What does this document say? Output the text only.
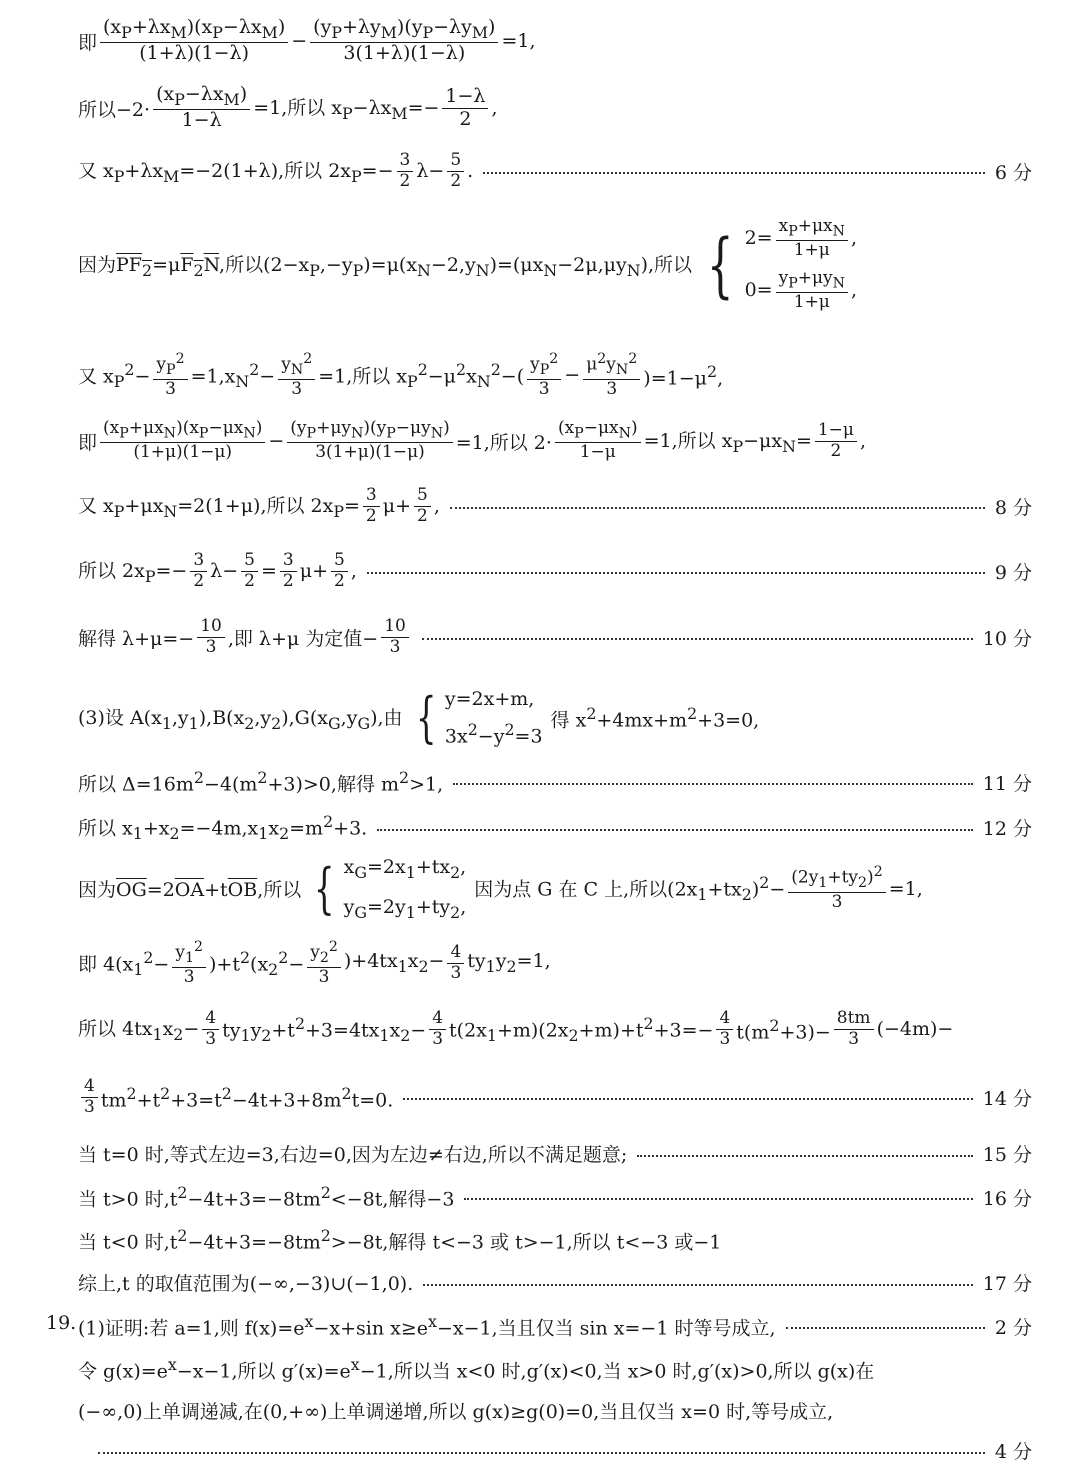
即 $\frac{(x_P+\lambda x_M)(x_P-\lambda x_M)}{(1+\lambda)(1-\lambda)} - \frac{(y_P+\lambda y_M)(y_P-\lambda y_M)}{3(1+\lambda)(1-\lambda)} =1$,
所以$-2\cdot \frac{(x_P-\lambda x_M)}{1-\lambda} =1$,所以 $x_P-\lambda x_M=- \frac{1-\lambda}{2}$ ,
又 $x_P+\lambda x_M=-2(1+\lambda)$,所以 $2x_P=- \frac{3}{2} \lambda- \frac{5}{2}$ .	6 分
因为$PF_2=\mu F_2N$,所以$(2-x_P,-y_P)=\mu(x_N-2,y_N)=(\mu x_N-2\mu,\mu y_N)$,所以 { $2= \frac{x_P+\mu x_N}{1+\mu}$ ,
$0= \frac{y_P+\mu y_N}{1+\mu}$ ,
又 $x_P^2- \frac{y_P^2}{3} =1,x_N^2- \frac{y_N^2}{3} =1$,所以 $x_P^2-\mu^2x_N^2-( \frac{y_P^2}{3} - \frac{\mu^2y_N^2}{3} )=1-\mu^2$,
即 $\frac{(x_P+\mu x_N)(x_P-\mu x_N)}{(1+\mu)(1-\mu)} - \frac{(y_P+\mu y_N)(y_P-\mu y_N)}{3(1+\mu)(1-\mu)} =1$,所以 $2\cdot \frac{(x_P-\mu x_N)}{1-\mu} =1$,所以 $x_P-\mu x_N= \frac{1-\mu}{2}$ ,
又 $x_P+\mu x_N=2(1+\mu)$,所以 $2x_P= \frac{3}{2} \mu+ \frac{5}{2}$ ,	8 分
所以 $2x_P=- \frac{3}{2} \lambda- \frac{5}{2} = \frac{3}{2} \mu+ \frac{5}{2}$ ,	9 分
解得 $\lambda+\mu=- \frac{10}{3}$ ,即 λ+μ 为定值− $\frac{10}{3}$	10 分
(3)设 $A(x_1,y_1),B(x_2,y_2),G(x_G,y_G)$,由 { y=2x+m,
$3x^2-y^2=3$
得 $x^2+4mx+m^2+3=0$,
所以 $\Delta=16m^2-4(m^2+3)>0$,解得 $m^2>1$,	11 分
所以 $x_1+x_2=-4m,x_1x_2=m^2+3$.	12 分
因为$\overline{OG}=2\overline{OA}+t\overline{OB}$,所以 { $x_G=2x_1+tx_2$,
$y_G=2y_1+ty_2$,
因为点 G 在 C 上,所以$(2x_1+tx_2)^2- \frac{(2y_1+ty_2)^2}{3} =1$,
即 $4(x_1^2- \frac{y_1^2}{3} )+t^2(x_2^2- \frac{y_2^2}{3} )+4tx_1x_2- \frac{4}{3} ty_1y_2=1$,
所以 $4tx_1x_2- \frac{4}{3} ty_1y_2+t^2+3=4tx_1x_2- \frac{4}{3} t(2x_1+m)(2x_2+m)+t^2+3=- \frac{4}{3} t(m^2+3)- \frac{8tm}{3} (-4m)-$
$\frac{4}{3} tm^2+t^2+3=t^2-4t+3+8m^2t=0$.	14 分
当 t=0 时,等式左边=3,右边=0,因为左边≠右边,所以不满足题意;	15 分
当 t>0 时$,t^2-4t+3=-8tm^2<-8t$,解得−3	16 分
当 t<0 时$,t^2-4t+3=-8tm^2>-8t$,解得 t<−3 或 t>−1,所以 t<−3 或−1
综上,t 的取值范围为(−∞,−3)∪(−1,0).	17 分
19. (1)证明:若 a=1,则 $f(x)=e^x-x+\sin$ $x\ge e^x-x-1$,当且仅当 sin x=−1 时等号成立,	2 分
令 $g(x)=e^x-x-1$,所以 $g'(x)=e^x-1$,所以当 x<0 时,g′(x)<0,当 x>0 时,g′(x)>0,所以 g(x)在
(−∞,0)上单调递减,在(0,+∞)上单调递增,所以 g(x)≥g(0)=0,当且仅当 x=0 时,等号成立,
4 分
